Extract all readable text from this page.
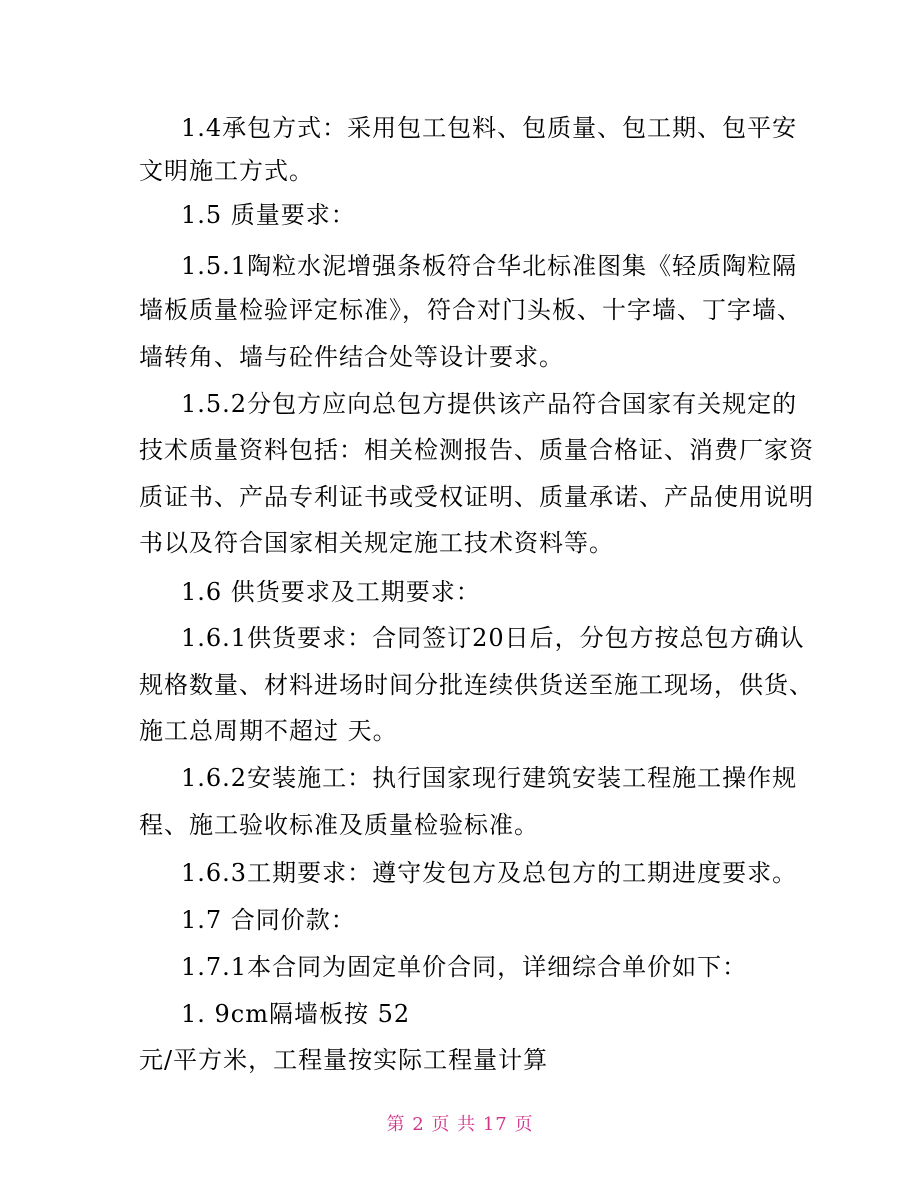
1.4承包方式：采用包工包料、包质量、包工期、包平安
文明施工方式。
1.5 质量要求：
1.5.1陶粒水泥增强条板符合华北标准图集《轻质陶粒隔
墙板质量检验评定标准》，符合对门头板、十字墙、丁字墙、
墙转角、墙与砼件结合处等设计要求。
1.5.2分包方应向总包方提供该产品符合国家有关规定的
技术质量资料包括：相关检测报告、质量合格证、消费厂家资
质证书、产品专利证书或受权证明、质量承诺、产品使用说明
书以及符合国家相关规定施工技术资料等。
1.6 供货要求及工期要求：
1.6.1供货要求：合同签订20日后，分包方按总包方确认
规格数量、材料进场时间分批连续供货送至施工现场，供货、
施工总周期不超过 天。
1.6.2安装施工：执行国家现行建筑安装工程施工操作规
程、施工验收标准及质量检验标准。
1.6.3工期要求：遵守发包方及总包方的工期进度要求。
1.7 合同价款：
1.7.1本合同为固定单价合同，详细综合单价如下：
1. 9cm隔墙板按 52
元/平方米，工程量按实际工程量计算
第 2 页 共 17 页
